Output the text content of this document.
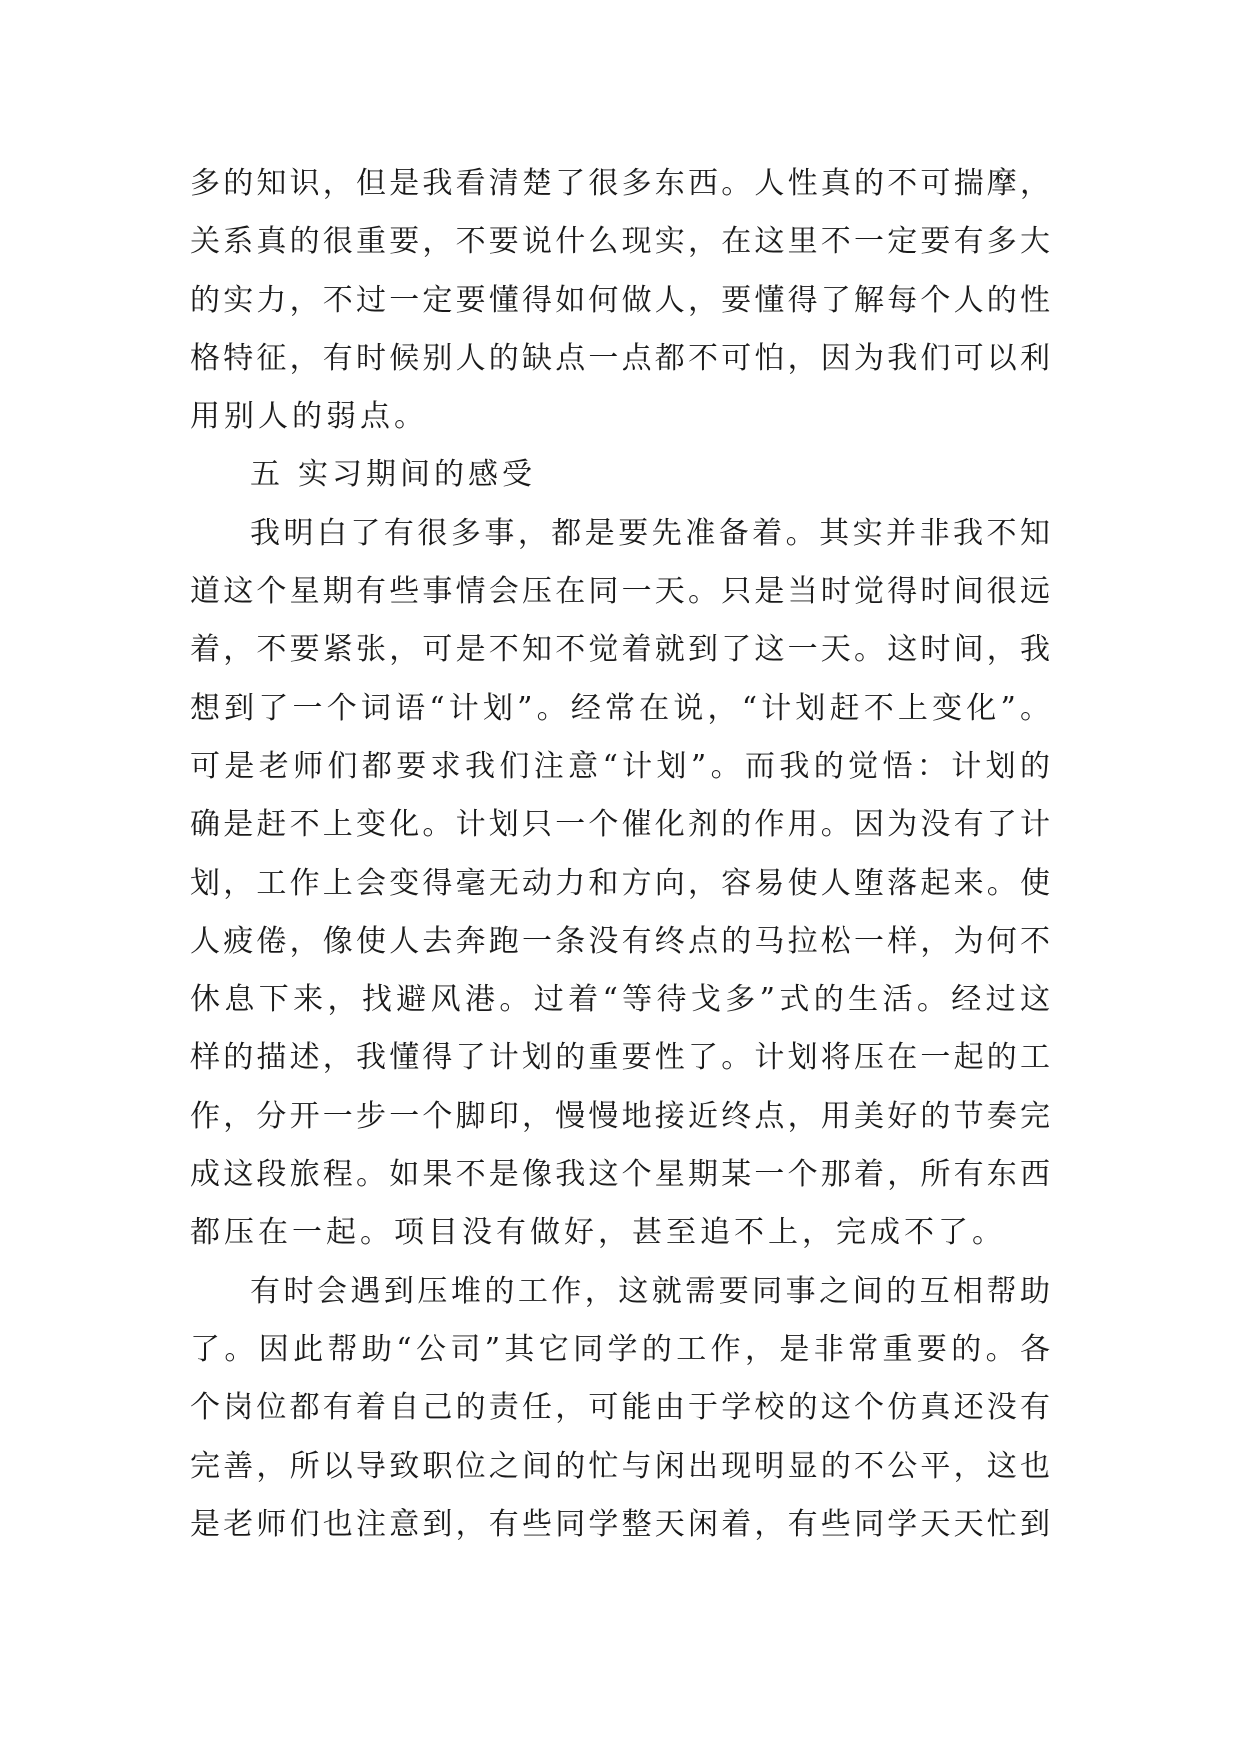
多的知识，但是我看清楚了很多东西。人性真的不可揣摩，
关系真的很重要，不要说什么现实，在这里不一定要有多大
的实力，不过一定要懂得如何做人，要懂得了解每个人的性
格特征，有时候别人的缺点一点都不可怕，因为我们可以利
用别人的弱点。
五 实习期间的感受
我明白了有很多事，都是要先准备着。其实并非我不知
道这个星期有些事情会压在同一天。只是当时觉得时间很远
着，不要紧张，可是不知不觉着就到了这一天。这时间，我
想到了一个词语“计划”。经常在说，“计划赶不上变化”。
可是老师们都要求我们注意“计划”。而我的觉悟：计划的
确是赶不上变化。计划只一个催化剂的作用。因为没有了计
划，工作上会变得毫无动力和方向，容易使人堕落起来。使
人疲倦，像使人去奔跑一条没有终点的马拉松一样，为何不
休息下来，找避风港。过着“等待戈多”式的生活。经过这
样的描述，我懂得了计划的重要性了。计划将压在一起的工
作，分开一步一个脚印，慢慢地接近终点，用美好的节奏完
成这段旅程。如果不是像我这个星期某一个那着，所有东西
都压在一起。项目没有做好，甚至追不上，完成不了。
有时会遇到压堆的工作，这就需要同事之间的互相帮助
了。因此帮助“公司”其它同学的工作，是非常重要的。各
个岗位都有着自己的责任，可能由于学校的这个仿真还没有
完善，所以导致职位之间的忙与闲出现明显的不公平，这也
是老师们也注意到，有些同学整天闲着，有些同学天天忙到
